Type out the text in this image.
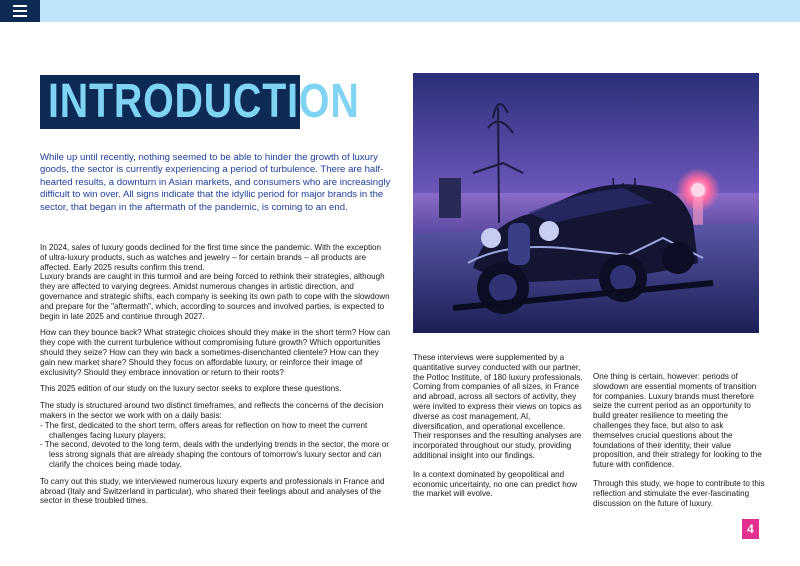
INTRODUCTION

While up until recently, nothing seemed to be able to hinder the growth of luxury goods, the sector is currently experiencing a period of turbulence. There are half-hearted results, a downturn in Asian markets, and consumers who are increasingly difficult to win over. All signs indicate that the idyllic period for major brands in the sector, that began in the aftermath of the pandemic, is coming to an end.

In 2024, sales of luxury goods declined for the first time since the pandemic. With the exception of ultra-luxury products, such as watches and jewelry – for certain brands – all products are affected. Early 2025 results confirm this trend.

Luxury brands are caught in this turmoil and are being forced to rethink their strategies, although they are affected to varying degrees. Amidst numerous changes in artistic direction, and governance and strategic shifts, each company is seeking its own path to cope with the slowdown and prepare for the "aftermath", which, according to sources and involved parties, is expected to begin in late 2025 and continue through 2027.

How can they bounce back? What strategic choices should they make in the short term? How can they cope with the current turbulence without compromising future growth? Which opportunities should they seize? How can they win back a sometimes-disenchanted clientele? How can they gain new market share? Should they focus on affordable luxury, or reinforce their image of exclusivity? Should they embrace innovation or return to their roots?

This 2025 edition of our study on the luxury sector seeks to explore these questions.

The study is structured around two distinct timeframes, and reflects the concerns of the decision makers in the sector we work with on a daily basis:

- The first, dedicated to the short term, offers areas for reflection on how to meet the current challenges facing luxury players;
- The second, devoted to the long term, deals with the underlying trends in the sector, the more or less strong signals that are already shaping the contours of tomorrow's luxury sector and can clarify the choices being made today.

To carry out this study, we interviewed numerous luxury experts and professionals in France and abroad (Italy and Switzerland in particular), who shared their feelings about and analyses of the sector in these troubled times.

These interviews were supplemented by a quantitative survey conducted with our partner, the Potloc Institute, of 180 luxury professionals. Coming from companies of all sizes, in France and abroad, across all sectors of activity, they were invited to express their views on topics as diverse as cost management, AI, diversification, and operational excellence. Their responses and the resulting analyses are incorporated throughout our study, providing additional insight into our findings.

In a context dominated by geopolitical and economic uncertainty, no one can predict how the market will evolve.

One thing is certain, however: periods of slowdown are essential moments of transition for companies. Luxury brands must therefore seize the current period as an opportunity to build greater resilience to meeting the challenges they face, but also to ask themselves crucial questions about the foundations of their identity, their value proposition, and their strategy for looking to the future with confidence.

Through this study, we hope to contribute to this reflection and stimulate the ever-fascinating discussion on the future of luxury.

4
